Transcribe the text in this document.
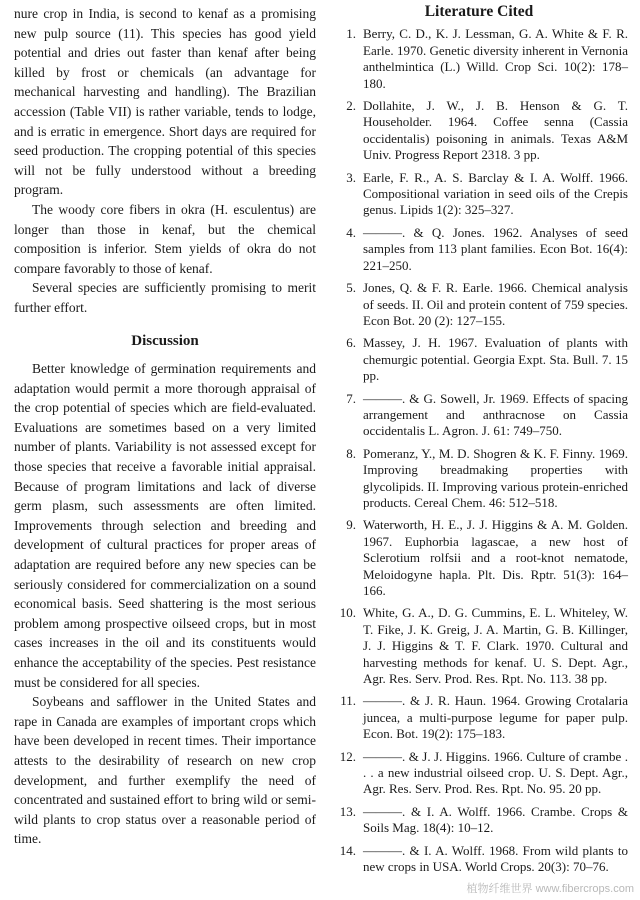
nure crop in India, is second to kenaf as a promising new pulp source (11). This species has good yield potential and dries out faster than kenaf after being killed by frost or chemicals (an advantage for mechanical harvesting and handling). The Brazilian accession (Table VII) is rather variable, tends to lodge, and is erratic in emergence. Short days are required for seed production. The cropping potential of this species will not be fully understood without a breeding program.

The woody core fibers in okra (H. esculentus) are longer than those in kenaf, but the chemical composition is inferior. Stem yields of okra do not compare favorably to those of kenaf.

Several species are sufficiently promising to merit further effort.

Discussion

Better knowledge of germination requirements and adaptation would permit a more thorough appraisal of the crop potential of species which are field-evaluated. Evaluations are sometimes based on a very limited number of plants. Variability is not assessed except for those species that receive a favorable initial appraisal. Because of program limitations and lack of diverse germ plasm, such assessments are often limited. Improvements through selection and breeding and development of cultural practices for proper areas of adaptation are required before any new species can be seriously considered for commercialization on a sound economical basis. Seed shattering is the most serious problem among prospective oilseed crops, but in most cases increases in the oil and its constituents would enhance the acceptability of the species. Pest resistance must be considered for all species.

Soybeans and safflower in the United States and rape in Canada are examples of important crops which have been developed in recent times. Their importance attests to the desirability of research on new crop development, and further exemplify the need of concentrated and sustained effort to bring wild or semi-wild plants to crop status over a reasonable period of time.

Literature Cited
1. Berry, C. D., K. J. Lessman, G. A. White & F. R. Earle. 1970. Genetic diversity inherent in Vernonia anthelmintica (L.) Willd. Crop Sci. 10(2): 178–180.
2. Dollahite, J. W., J. B. Henson & G. T. Householder. 1964. Coffee senna (Cassia occidentalis) poisoning in animals. Texas A&M Univ. Progress Report 2318. 3 pp.
3. Earle, F. R., A. S. Barclay & I. A. Wolff. 1966. Compositional variation in seed oils of the Crepis genus. Lipids 1(2): 325–327.
4. ———. & Q. Jones. 1962. Analyses of seed samples from 113 plant families. Econ Bot. 16(4): 221–250.
5. Jones, Q. & F. R. Earle. 1966. Chemical analysis of seeds. II. Oil and protein content of 759 species. Econ Bot. 20 (2): 127–155.
6. Massey, J. H. 1967. Evaluation of plants with chemurgic potential. Georgia Expt. Sta. Bull. 7. 15 pp.
7. ———. & G. Sowell, Jr. 1969. Effects of spacing arrangement and anthracnose on Cassia occidentalis L. Agron. J. 61: 749–750.
8. Pomeranz, Y., M. D. Shogren & K. F. Finny. 1969. Improving breadmaking properties with glycolipids. II. Improving various protein-enriched products. Cereal Chem. 46: 512–518.
9. Waterworth, H. E., J. J. Higgins & A. M. Golden. 1967. Euphorbia lagascae, a new host of Sclerotium rolfsii and a root-knot nematode, Meloidogyne hapla. Plt. Dis. Rptr. 51(3): 164–166.
10. White, G. A., D. G. Cummins, E. L. Whiteley, W. T. Fike, J. K. Greig, J. A. Martin, G. B. Killinger, J. J. Higgins & T. F. Clark. 1970. Cultural and harvesting methods for kenaf. U. S. Dept. Agr., Agr. Res. Serv. Prod. Res. Rpt. No. 113. 38 pp.
11. ———. & J. R. Haun. 1964. Growing Crotalaria juncea, a multi-purpose legume for paper pulp. Econ. Bot. 19(2): 175–183.
12. ———. & J. J. Higgins. 1966. Culture of crambe . . . a new industrial oilseed crop. U. S. Dept. Agr., Agr. Res. Serv. Prod. Res. Rpt. No. 95. 20 pp.
13. ———. & I. A. Wolff. 1966. Crambe. Crops & Soils Mag. 18(4): 10–12.
14. ———. & I. A. Wolff. 1968. From wild plants to new crops in USA. World Crops. 20(3): 70–76.
植物纤维世界 www.fibercrops.com
